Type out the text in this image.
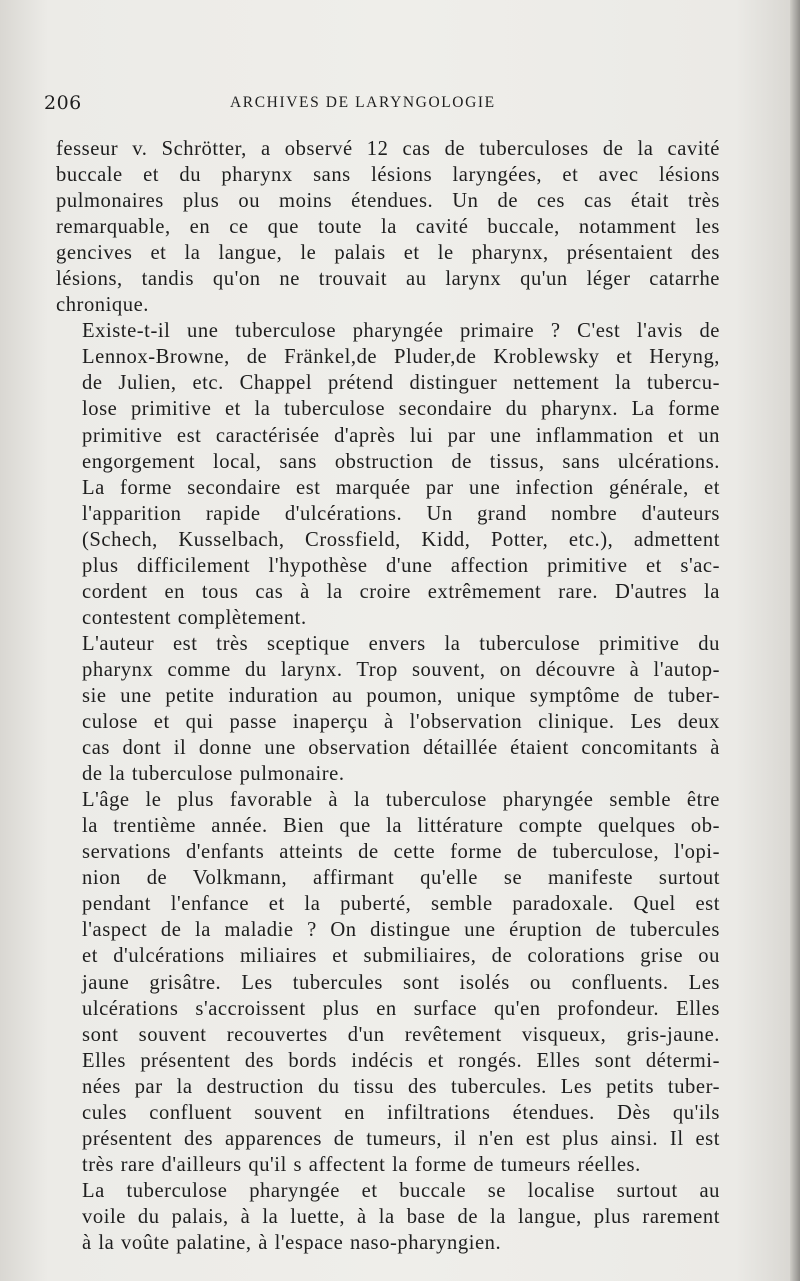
206	ARCHIVES DE LARYNGOLOGIE
fesseur v. Schrötter, a observé 12 cas de tuberculoses de la cavité
buccale et du pharynx sans lésions laryngées, et avec lésions
pulmonaires plus ou moins étendues. Un de ces cas était très
remarquable, en ce que toute la cavité buccale, notamment les
gencives et la langue, le palais et le pharynx, présentaient des
lésions, tandis qu'on ne trouvait au larynx qu'un léger catarrhe
chronique.
Existe-t-il une tuberculose pharyngée primaire ? C'est l'avis de
Lennox-Browne, de Fränkel,de Pluder,de Kroblewsky et Heryng,
de Julien, etc. Chappel prétend distinguer nettement la tubercu-
lose primitive et la tuberculose secondaire du pharynx. La forme
primitive est caractérisée d'après lui par une inflammation et un
engorgement local, sans obstruction de tissus, sans ulcérations.
La forme secondaire est marquée par une infection générale, et
l'apparition rapide d'ulcérations. Un grand nombre d'auteurs
(Schech, Kusselbach, Crossfield, Kidd, Potter, etc.), admettent
plus difficilement l'hypothèse d'une affection primitive et s'ac-
cordent en tous cas à la croire extrêmement rare. D'autres la
contestent complètement.
L'auteur est très sceptique envers la tuberculose primitive du
pharynx comme du larynx. Trop souvent, on découvre à l'autop-
sie une petite induration au poumon, unique symptôme de tuber-
culose et qui passe inaperçu à l'observation clinique. Les deux
cas dont il donne une observation détaillée étaient concomitants à
de la tuberculose pulmonaire.
L'âge le plus favorable à la tuberculose pharyngée semble être
la trentième année. Bien que la littérature compte quelques ob-
servations d'enfants atteints de cette forme de tuberculose, l'opi-
nion de Volkmann, affirmant qu'elle se manifeste surtout
pendant l'enfance et la puberté, semble paradoxale. Quel est
l'aspect de la maladie ? On distingue une éruption de tubercules
et d'ulcérations miliaires et submiliaires, de colorations grise ou
jaune grisâtre. Les tubercules sont isolés ou confluents. Les
ulcérations s'accroissent plus en surface qu'en profondeur. Elles
sont souvent recouvertes d'un revêtement visqueux, gris-jaune.
Elles présentent des bords indécis et rongés. Elles sont détermi-
nées par la destruction du tissu des tubercules. Les petits tuber-
cules confluent souvent en infiltrations étendues. Dès qu'ils
présentent des apparences de tumeurs, il n'en est plus ainsi. Il est
très rare d'ailleurs qu'il s affectent la forme de tumeurs réelles.
La tuberculose pharyngée et buccale se localise surtout au
voile du palais, à la luette, à la base de la langue, plus rarement
à la voûte palatine, à l'espace naso-pharyngien.
